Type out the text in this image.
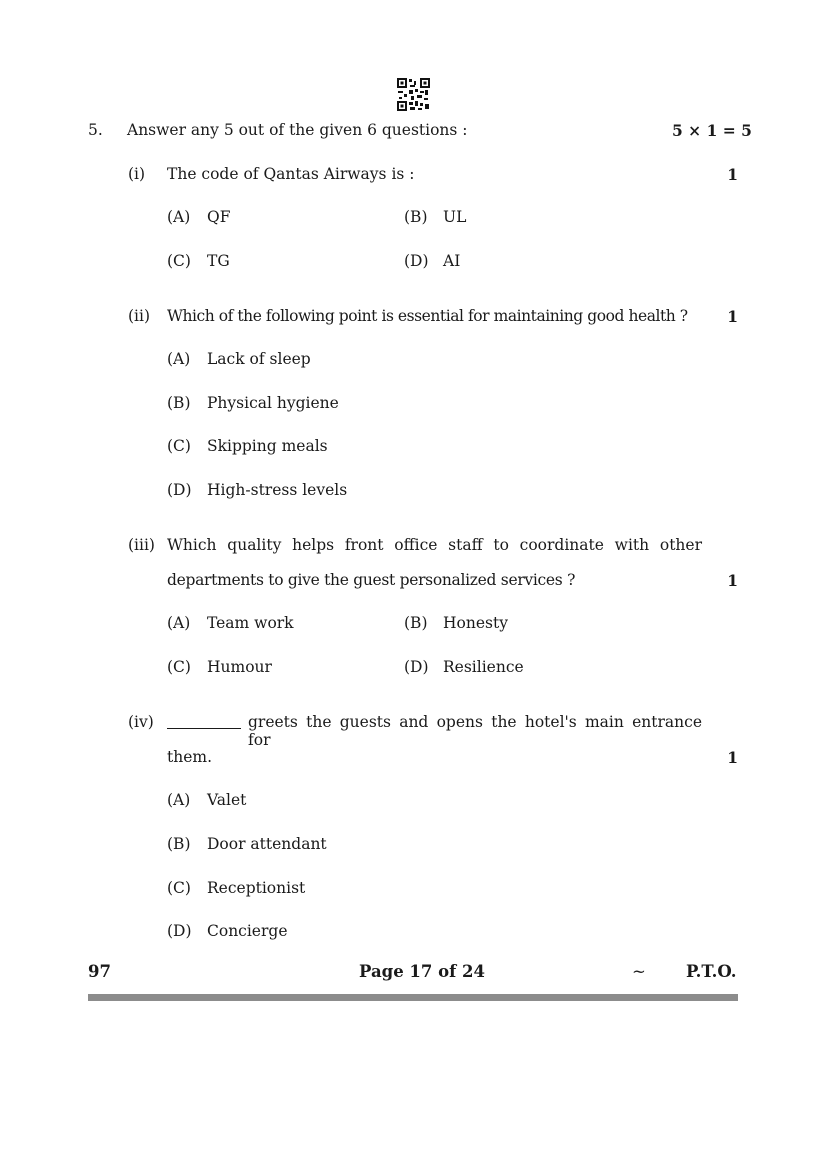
5. Answer any 5 out of the given 6 questions :	5 × 1 = 5
(i) The code of Qantas Airways is :	1
(A) QF	(B) UL
(C) TG	(D) AI
(ii) Which of the following point is essential for maintaining good health ?	1
(A) Lack of sleep
(B) Physical hygiene
(C) Skipping meals
(D) High-stress levels
(iii) Which quality helps front office staff to coordinate with other
departments to give the guest personalized services ?	1
(A) Team work	(B) Honesty
(C) Humour	(D) Resilience
(iv)	greets the guests and opens the hotel's main entrance for
them.	1
(A) Valet
(B) Door attendant
(C) Receptionist
(D) Concierge
97	Page 17 of 24	~ P.T.O.
